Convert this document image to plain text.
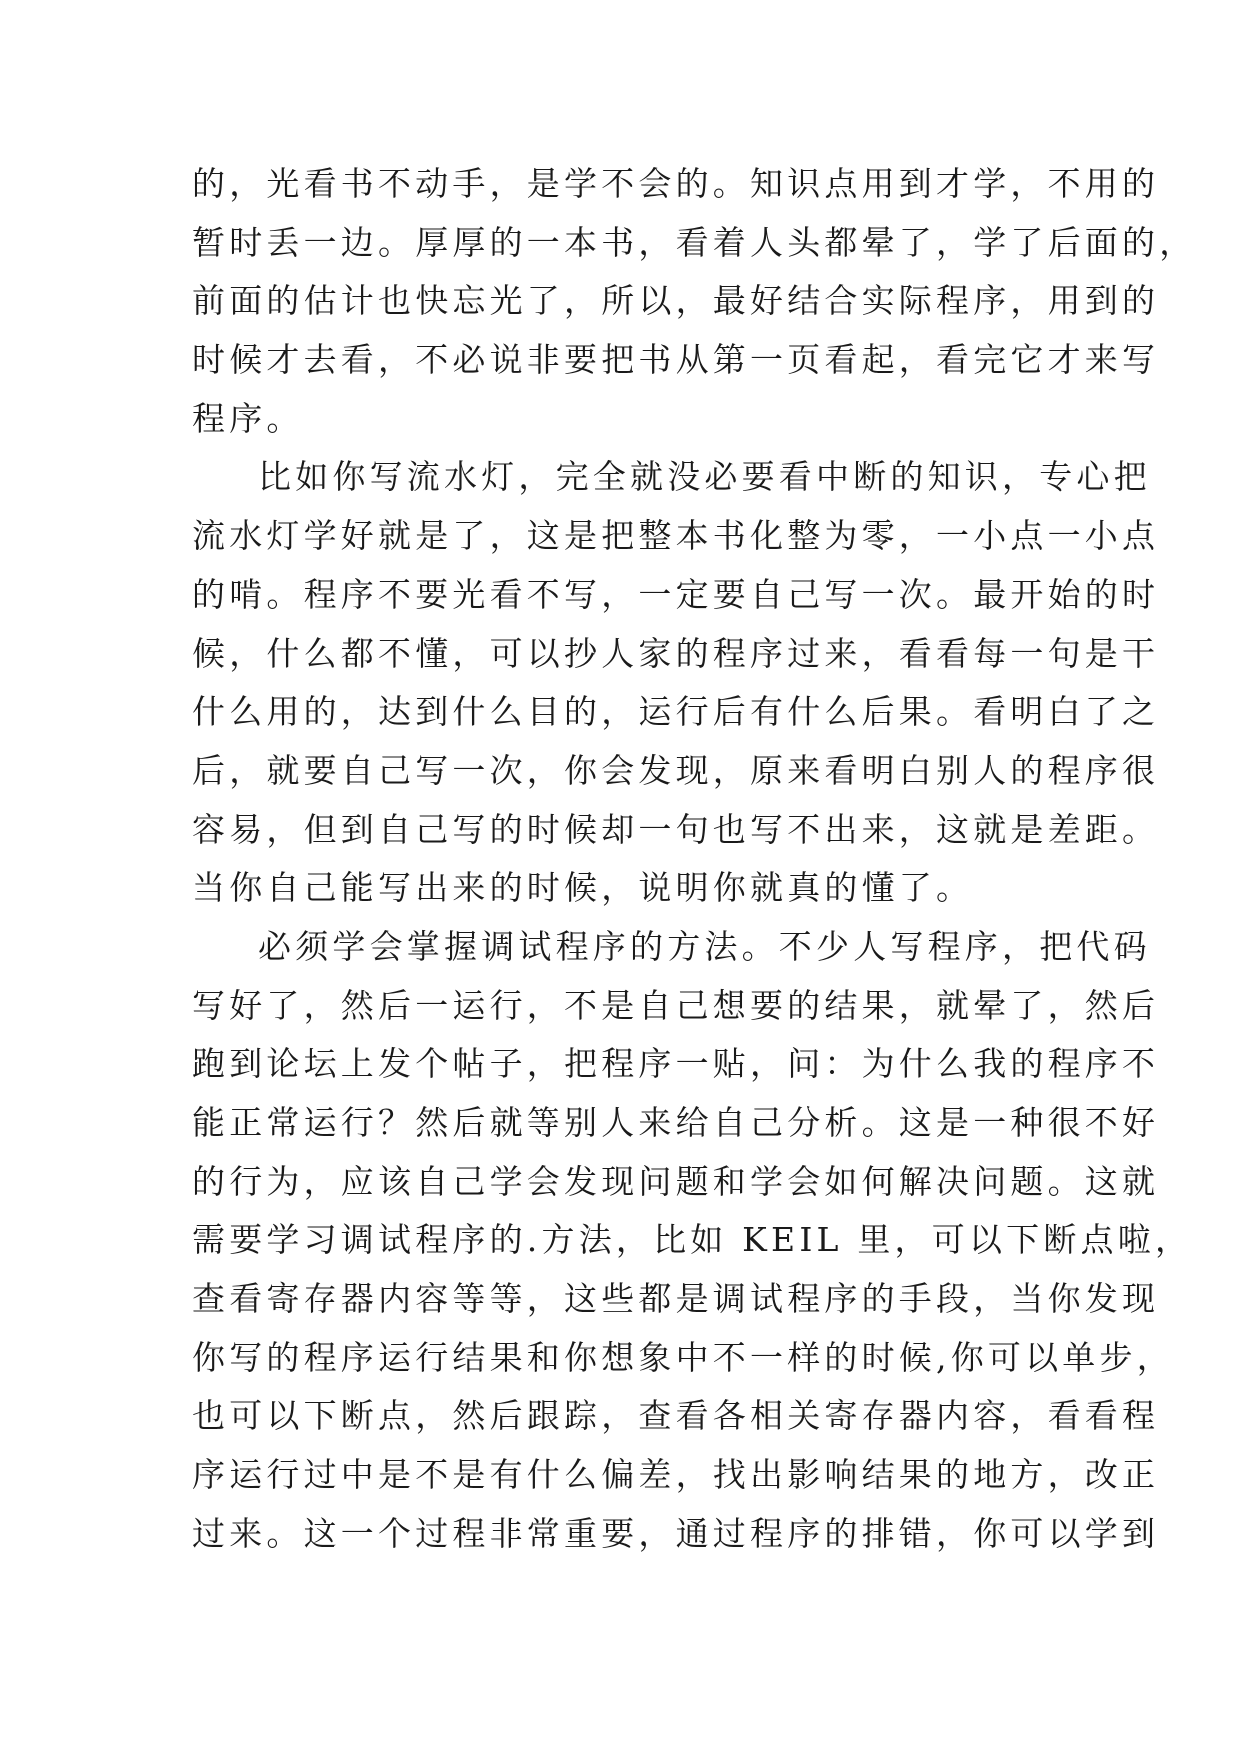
的，光看书不动手，是学不会的。知识点用到才学，不用的
暂时丢一边。厚厚的一本书，看着人头都晕了，学了后面的，
前面的估计也快忘光了，所以，最好结合实际程序，用到的
时候才去看，不必说非要把书从第一页看起，看完它才来写
程序。
比如你写流水灯，完全就没必要看中断的知识，专心把
流水灯学好就是了，这是把整本书化整为零，一小点一小点
的啃。程序不要光看不写，一定要自己写一次。最开始的时
候，什么都不懂，可以抄人家的程序过来，看看每一句是干
什么用的，达到什么目的，运行后有什么后果。看明白了之
后，就要自己写一次，你会发现，原来看明白别人的程序很
容易，但到自己写的时候却一句也写不出来，这就是差距。
当你自己能写出来的时候，说明你就真的懂了。
必须学会掌握调试程序的方法。不少人写程序，把代码
写好了，然后一运行，不是自己想要的结果，就晕了，然后
跑到论坛上发个帖子，把程序一贴，问：为什么我的程序不
能正常运行？然后就等别人来给自己分析。这是一种很不好
的行为，应该自己学会发现问题和学会如何解决问题。这就
需要学习调试程序的.方法，比如 KEIL 里，可以下断点啦，
查看寄存器内容等等，这些都是调试程序的手段，当你发现
你写的程序运行结果和你想象中不一样的时候,你可以单步，
也可以下断点，然后跟踪，查看各相关寄存器内容，看看程
序运行过中是不是有什么偏差，找出影响结果的地方，改正
过来。这一个过程非常重要，通过程序的排错，你可以学到
